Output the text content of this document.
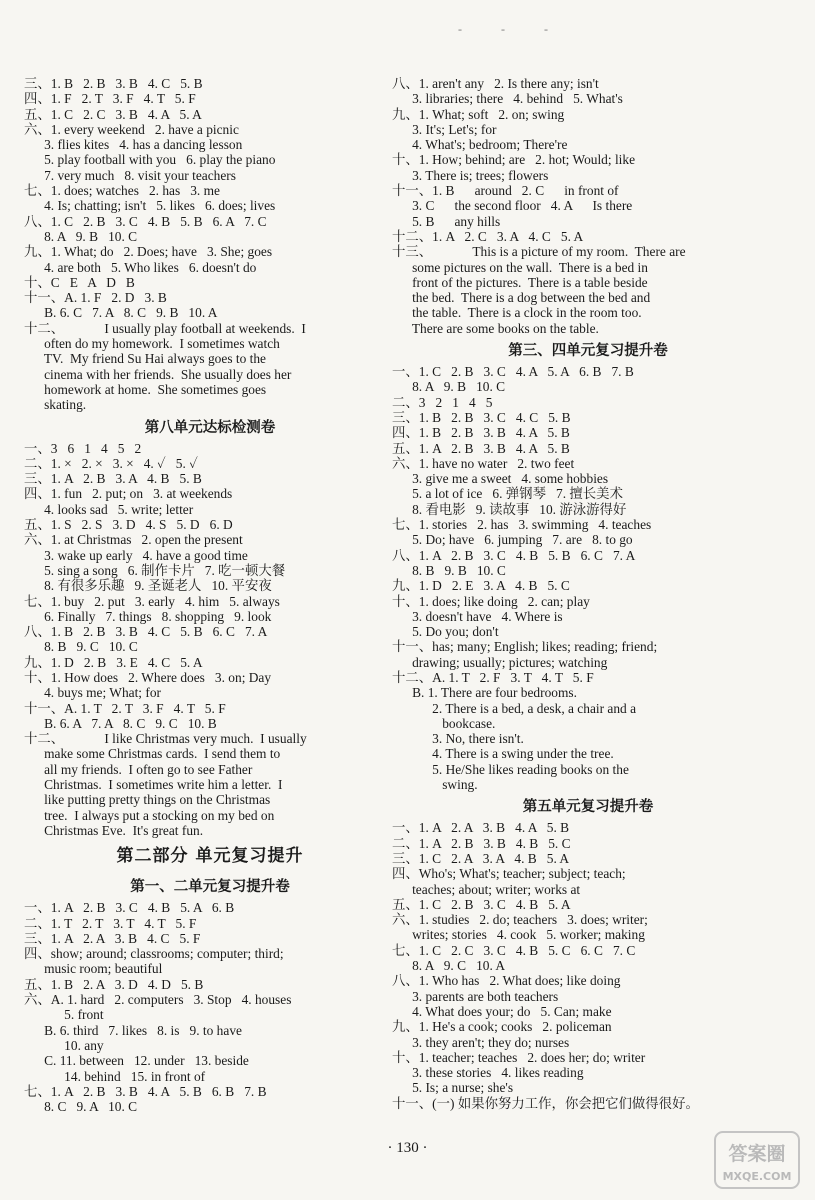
- - -
三、1. B   2. B   3. B   4. C   5. B
四、1. F   2. T   3. F   4. T   5. F
五、1. C   2. C   3. B   4. A   5. A
六、1. every weekend   2. have a picnic
3. flies kites   4. has a dancing lesson
5. play football with you   6. play the piano
7. very much   8. visit your teachers
七、1. does; watches   2. has   3. me
4. Is; chatting; isn't   5. likes   6. does; lives
八、1. C   2. B   3. C   4. B   5. B   6. A   7. C
8. A   9. B   10. C
九、1. What; do   2. Does; have   3. She; goes
4. are both   5. Who likes   6. doesn't do
十、C   E   A   D   B
十一、A. 1. F   2. D   3. B
B. 6. C   7. A   8. C   9. B   10. A
十二、            I usually play football at weekends.  I
often do my homework.  I sometimes watch
TV.  My friend Su Hai always goes to the
cinema with her friends.  She usually does her
homework at home.  She sometimes goes
skating.
第八单元达标检测卷
一、3   6   1   4   5   2
二、1. ×   2. ×   3. ×   4. ✓   5. ✓
三、1. A   2. B   3. A   4. B   5. B
四、1. fun   2. put; on   3. at weekends
4. looks sad   5. write; letter
五、1. S   2. S   3. D   4. S   5. D   6. D
六、1. at Christmas   2. open the present
3. wake up early   4. have a good time
5. sing a song   6. 制作卡片   7. 吃一顿大餐
8. 有很多乐趣   9. 圣诞老人   10. 平安夜
七、1. buy   2. put   3. early   4. him   5. always
6. Finally   7. things   8. shopping   9. look
八、1. B   2. B   3. B   4. C   5. B   6. C   7. A
8. B   9. C   10. C
九、1. D   2. B   3. E   4. C   5. A
十、1. How does   2. Where does   3. on; Day
4. buys me; What; for
十一、A. 1. T   2. T   3. F   4. T   5. F
B. 6. A   7. A   8. C   9. C   10. B
十二、            I like Christmas very much.  I usually
make some Christmas cards.  I send them to
all my friends.  I often go to see Father
Christmas.  I sometimes write him a letter.  I
like putting pretty things on the Christmas
tree.  I always put a stocking on my bed on
Christmas Eve.  It's great fun.
第二部分 单元复习提升
第一、二单元复习提升卷
一、1. A   2. B   3. C   4. B   5. A   6. B
二、1. T   2. T   3. T   4. T   5. F
三、1. A   2. A   3. B   4. C   5. F
四、show; around; classrooms; computer; third;
music room; beautiful
五、1. B   2. A   3. D   4. D   5. B
六、A. 1. hard   2. computers   3. Stop   4. houses
5. front
B. 6. third   7. likes   8. is   9. to have
10. any
C. 11. between   12. under   13. beside
14. behind   15. in front of
七、1. A   2. B   3. B   4. A   5. B   6. B   7. B
8. C   9. A   10. C
八、1. aren't any   2. Is there any; isn't
3. libraries; there   4. behind   5. What's
九、1. What; soft   2. on; swing
3. It's; Let's; for
4. What's; bedroom; There're
十、1. How; behind; are   2. hot; Would; like
3. There is; trees; flowers
十一、1. B      around   2. C      in front of
3. C      the second floor   4. A      Is there
5. B      any hills
十二、1. A   2. C   3. A   4. C   5. A
十三、            This is a picture of my room.  There are
some pictures on the wall.  There is a bed in
front of the pictures.  There is a table beside
the bed.  There is a dog between the bed and
the table.  There is a clock in the room too.
There are some books on the table.
第三、四单元复习提升卷
一、1. C   2. B   3. C   4. A   5. A   6. B   7. B
8. A   9. B   10. C
二、3   2   1   4   5
三、1. B   2. B   3. C   4. C   5. B
四、1. B   2. B   3. B   4. A   5. B
五、1. A   2. B   3. B   4. A   5. B
六、1. have no water   2. two feet
3. give me a sweet   4. some hobbies
5. a lot of ice   6. 弹钢琴   7. 擅长美术
8. 看电影   9. 读故事   10. 游泳游得好
七、1. stories   2. has   3. swimming   4. teaches
5. Do; have   6. jumping   7. are   8. to go
八、1. A   2. B   3. C   4. B   5. B   6. C   7. A
8. B   9. B   10. C
九、1. D   2. E   3. A   4. B   5. C
十、1. does; like doing   2. can; play
3. doesn't have   4. Where is
5. Do you; don't
十一、has; many; English; likes; reading; friend;
drawing; usually; pictures; watching
十二、A. 1. T   2. F   3. T   4. T   5. F
B. 1. There are four bedrooms.
2. There is a bed, a desk, a chair and a
bookcase.
3. No, there isn't.
4. There is a swing under the tree.
5. He/She likes reading books on the
swing.
第五单元复习提升卷
一、1. A   2. A   3. B   4. A   5. B
二、1. A   2. B   3. B   4. B   5. C
三、1. C   2. A   3. A   4. B   5. A
四、Who's; What's; teacher; subject; teach;
teaches; about; writer; works at
五、1. C   2. B   3. C   4. B   5. A
六、1. studies   2. do; teachers   3. does; writer;
writes; stories   4. cook   5. worker; making
七、1. C   2. C   3. C   4. B   5. C   6. C   7. C
8. A   9. C   10. A
八、1. Who has   2. What does; like doing
3. parents are both teachers
4. What does your; do   5. Can; make
九、1. He's a cook; cooks   2. policeman
3. they aren't; they do; nurses
十、1. teacher; teaches   2. does her; do; writer
3. these stories   4. likes reading
5. Is; a nurse; she's
十一、(一) 如果你努力工作，你会把它们做得很好。
· 130 ·	答案圈
MXQE.COM
